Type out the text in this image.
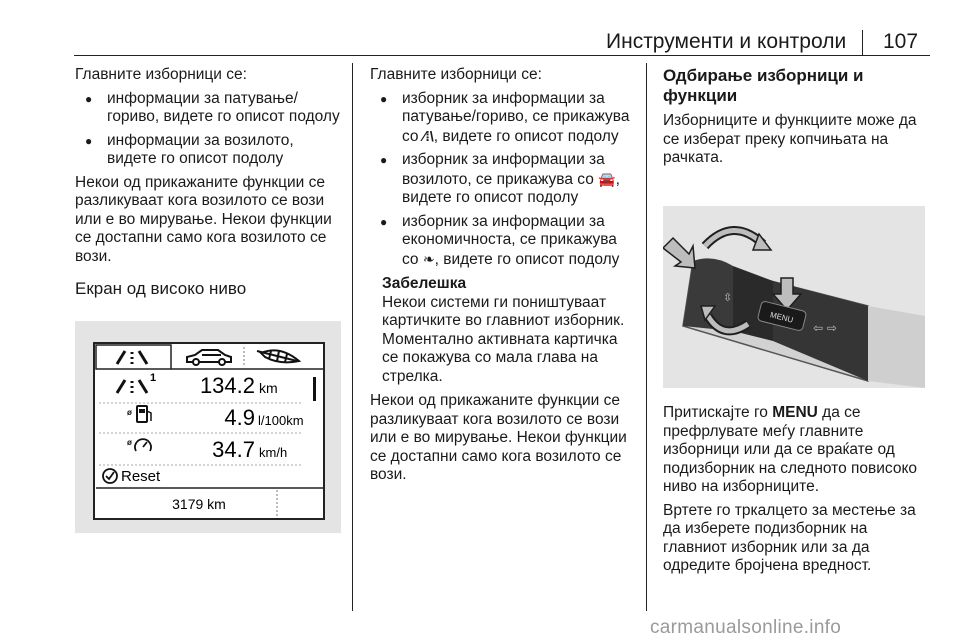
Инструменти и контроли 107

Главните изборници се:

● информации за патување/гориво, видете го описот подолу
● информации за возилото, видете го описот подолу

Некои од прикажаните функции се разликуваат кога возилото се вози или е во мирување. Некои функции се достапни само кога возилото се вози.

Екран од високо ниво
1 134.2 km
ø	4.9 l/100km
ø	34.7 km/h
Reset
3179 km

Главните изборници се:

● изборник за информации за патување/гориво, се прикажува со ⁄⁞\, видете го описот подолу
● изборник за информации за возилото, се прикажува со 🚘, видете го описот подолу
● изборник за информации за економичноста, се прикажува со ❧, видете го описот подолу
Забелешка
Некои системи ги поништуваат картичките во главниот изборник. Моментално активната картичка се покажува со мала глава на стрелка.

Некои од прикажаните функции се разликуваат кога возилото се вози или е во мирување. Некои функции се достапни само кога возилото се вози.

Одбирање изборници и функции

Изборниците и функциите може да се изберат преку копчињата на рачката.

MENU
⇦ ⇨
⇳

Притискајте го MENU да се префрлувате меѓу главните изборници или да се враќате од подизборник на следното повисоко ниво на изборниците.

Вртете го тркалцето за местење за да изберете подизборник на главниот изборник или за да одредите бројчена вредност.

carmanualsonline.info
